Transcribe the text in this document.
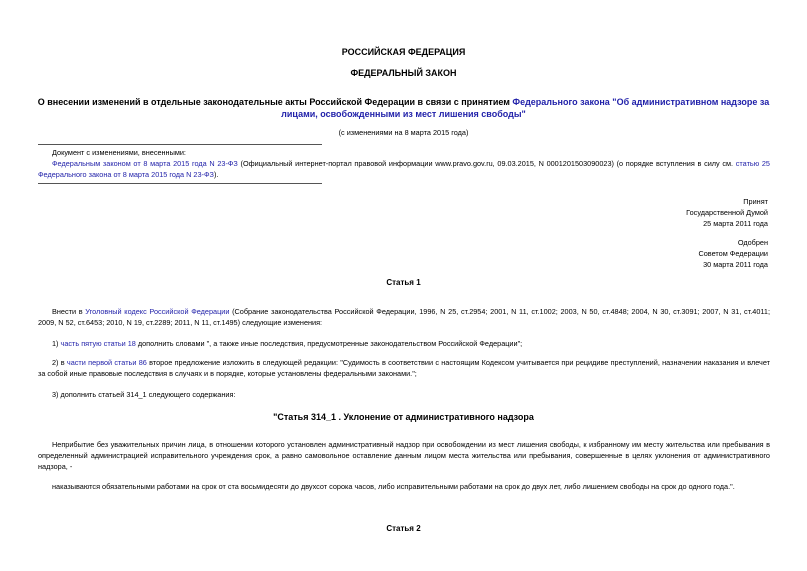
РОССИЙСКАЯ ФЕДЕРАЦИЯ
ФЕДЕРАЛЬНЫЙ ЗАКОН
О внесении изменений в отдельные законодательные акты Российской Федерации в связи с принятием Федерального закона "Об административном надзоре за лицами, освобожденными из мест лишения свободы"
(с изменениями на 8 марта 2015 года)
Документ с изменениями, внесенными:
Федеральным законом от 8 марта 2015 года N 23-ФЗ (Официальный интернет-портал правовой информации www.pravo.gov.ru, 09.03.2015, N 0001201503090023) (о порядке вступления в силу см. статью 25 Федерального закона от 8 марта 2015 года N 23-ФЗ).
Принят
Государственной Думой
25 марта 2011 года
Одобрен
Советом Федерации
30 марта 2011 года
Статья 1
Внести в Уголовный кодекс Российской Федерации (Собрание законодательства Российской Федерации, 1996, N 25, ст.2954; 2001, N 11, ст.1002; 2003, N 50, ст.4848; 2004, N 30, ст.3091; 2007, N 31, ст.4011; 2009, N 52, ст.6453; 2010, N 19, ст.2289; 2011, N 11, ст.1495) следующие изменения:
1) часть пятую статьи 18 дополнить словами ", а также иные последствия, предусмотренные законодательством Российской Федерации";
2) в части первой статьи 86 второе предложение изложить в следующей редакции: "Судимость в соответствии с настоящим Кодексом учитывается при рецидиве преступлений, назначении наказания и влечет за собой иные правовые последствия в случаях и в порядке, которые установлены федеральными законами.";
3) дополнить статьей 314_1 следующего содержания:
"Статья 314_1 . Уклонение от административного надзора
Неприбытие без уважительных причин лица, в отношении которого установлен административный надзор при освобождении из мест лишения свободы, к избранному им месту жительства или пребывания в определенный администрацией исправительного учреждения срок, а равно самовольное оставление данным лицом места жительства или пребывания, совершенные в целях уклонения от административного надзора, -
наказываются обязательными работами на срок от ста восьмидесяти до двухсот сорока часов, либо исправительными работами на срок до двух лет, либо лишением свободы на срок до одного года.".
Статья 2
